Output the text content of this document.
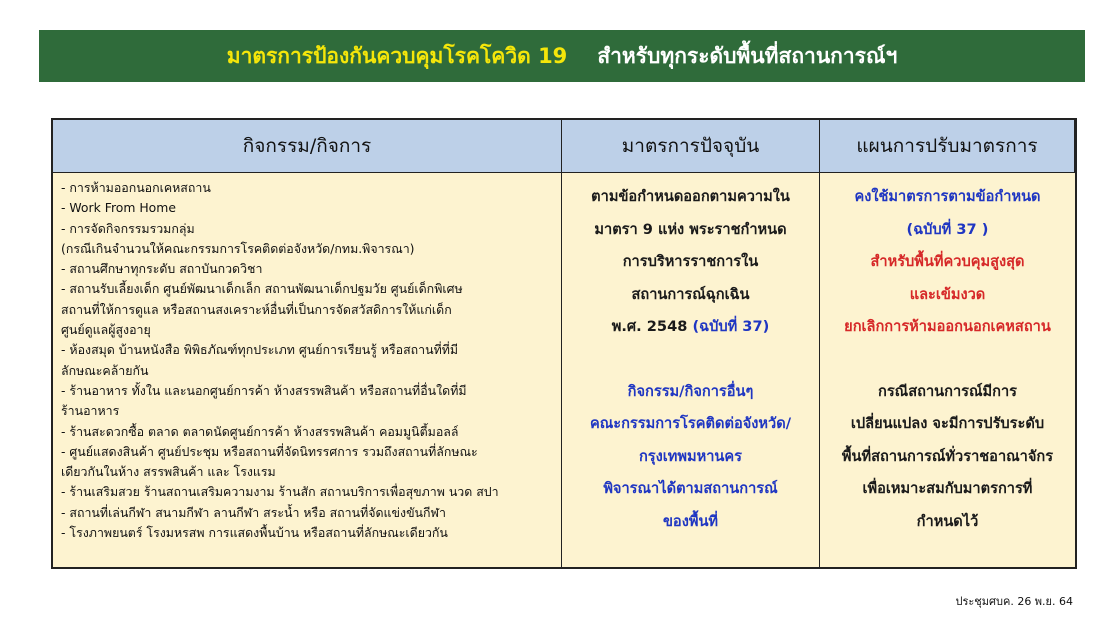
มาตรการป้องกันควบคุมโรคโควิด 19 สำหรับทุกระดับพื้นที่สถานการณ์ฯ
กิจกรรม/กิจการ	มาตรการปัจจุบัน	แผนการปรับมาตรการ
- การห้ามออกนอกเคหสถาน
- Work From Home
- การจัดกิจกรรมรวมกลุ่ม
(กรณีเกินจำนวนให้คณะกรรมการโรคติดต่อจังหวัด/กทม.พิจารณา)
- สถานศึกษาทุกระดับ สถาบันกวดวิชา
- สถานรับเลี้ยงเด็ก ศูนย์พัฒนาเด็กเล็ก สถานพัฒนาเด็กปฐมวัย ศูนย์เด็กพิเศษ
สถานที่ให้การดูแล หรือสถานสงเคราะห์อื่นที่เป็นการจัดสวัสดิการให้แก่เด็ก
ศูนย์ดูแลผู้สูงอายุ
- ห้องสมุด บ้านหนังสือ พิพิธภัณฑ์ทุกประเภท ศูนย์การเรียนรู้ หรือสถานที่ที่มี
ลักษณะคล้ายกัน
- ร้านอาหาร ทั้งใน และนอกศูนย์การค้า ห้างสรรพสินค้า หรือสถานที่อื่นใดที่มี
ร้านอาหาร
- ร้านสะดวกซื้อ ตลาด ตลาดนัดศูนย์การค้า ห้างสรรพสินค้า คอมมูนิตี้มอลล์
- ศูนย์แสดงสินค้า ศูนย์ประชุม หรือสถานที่จัดนิทรรศการ รวมถึงสถานที่ลักษณะ
เดียวกันในห้าง สรรพสินค้า และ โรงแรม
- ร้านเสริมสวย ร้านสถานเสริมความงาม ร้านสัก สถานบริการเพื่อสุขภาพ นวด สปา
- สถานที่เล่นกีฬา สนามกีฬา ลานกีฬา สระน้ำ หรือ สถานที่จัดแข่งขันกีฬา
- โรงภาพยนตร์ โรงมหรสพ การแสดงพื้นบ้าน หรือสถานที่ลักษณะเดียวกัน
ตามข้อกำหนดออกตามความใน
มาตรา 9 แห่ง พระราชกำหนด
การบริหารราชการใน
สถานการณ์ฉุกเฉิน
พ.ศ. 2548 (ฉบับที่ 37)
กิจกรรม/กิจการอื่นๆ
คณะกรรมการโรคติดต่อจังหวัด/
กรุงเทพมหานคร
พิจารณาได้ตามสถานการณ์
ของพื้นที่
คงใช้มาตรการตามข้อกำหนด
(ฉบับที่ 37 )
สำหรับพื้นที่ควบคุมสูงสุด
และเข้มงวด
ยกเลิกการห้ามออกนอกเคหสถาน
กรณีสถานการณ์มีการ
เปลี่ยนแปลง จะมีการปรับระดับ
พื้นที่สถานการณ์ทั่วราชอาณาจักร
เพื่อเหมาะสมกับมาตรการที่
กำหนดไว้
ประชุมศบค. 26 พ.ย. 64
